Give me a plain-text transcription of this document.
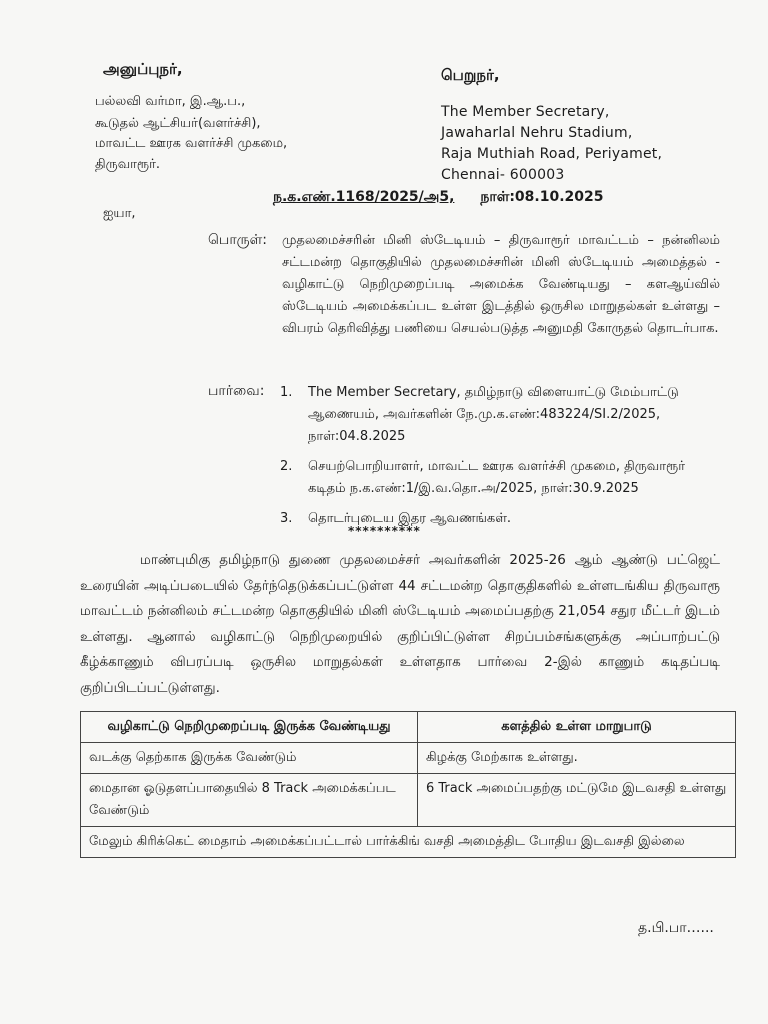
அனுப்புநர்,
பல்லவி வர்மா, இ.ஆ.ப.,
கூடுதல் ஆட்சியர்(வளர்ச்சி),
மாவட்ட ஊரக வளர்ச்சி முகமை,
திருவாரூர்.
பெறுநர்,
The Member Secretary,
Jawaharlal Nehru Stadium,
Raja Muthiah Road, Periyamet,
Chennai- 600003
ந.க.எண்.1168/2025/அ5, நாள்:08.10.2025
ஐயா,
பொருள்: முதலமைச்சரின் மினி ஸ்டேடியம் – திருவாரூர் மாவட்டம் – நன்னிலம் சட்டமன்ற தொகுதியில் முதலமைச்சரின் மினி ஸ்டேடியம் அமைத்தல் - வழிகாட்டு நெறிமுறைப்படி அமைக்க வேண்டியது – களஆய்வில் ஸ்டேடியம் அமைக்கப்பட உள்ள இடத்தில் ஒருசில மாறுதல்கள் உள்ளது – விபரம் தெரிவித்து பணியை செயல்படுத்த அனுமதி கோருதல் தொடர்பாக.
பார்வை: 1. The Member Secretary, தமிழ்நாடு விளையாட்டு மேம்பாட்டு ஆணையம், அவர்களின் நே.மு.க.எண்:483224/SI.2/2025, நாள்:04.8.2025
2. செயற்பொறியாளர், மாவட்ட ஊரக வளர்ச்சி முகமை, திருவாரூர் கடிதம் ந.க.எண்:1/இ.வ.தொ.அ/2025, நாள்:30.9.2025
3. தொடர்புடைய இதர ஆவணங்கள்.
**********
மாண்புமிகு தமிழ்நாடு துணை முதலமைச்சர் அவர்களின் 2025-26 ஆம் ஆண்டு பட்ஜெட் உரையின் அடிப்படையில் தேர்ந்தெடுக்கப்பட்டுள்ள 44 சட்டமன்ற தொகுதிகளில் உள்ளடங்கிய திருவாரூ மாவட்டம் நன்னிலம் சட்டமன்ற தொகுதியில் மினி ஸ்டேடியம் அமைப்பதற்கு 21,054 சதுர மீட்டர் இடம் உள்ளது. ஆனால் வழிகாட்டு நெறிமுறையில் குறிப்பிட்டுள்ள சிறப்பம்சங்களுக்கு அப்பாற்பட்டு கீழ்க்காணும் விபரப்படி ஒருசில மாறுதல்கள் உள்ளதாக பார்வை 2-இல் காணும் கடிதப்படி குறிப்பிடப்பட்டுள்ளது.
வழிகாட்டு நெறிமுறைப்படி இருக்க வேண்டியது	களத்தில் உள்ள மாறுபாடு
வடக்கு தெற்காக இருக்க வேண்டும்	கிழக்கு மேற்காக உள்ளது.
மைதான ஓடுதளப்பாதையில் 8 Track அமைக்கப்பட வேண்டும்	6 Track அமைப்பதற்கு மட்டுமே இடவசதி உள்ளது
மேலும் கிரிக்கெட் மைதாம் அமைக்கப்பட்டால் பார்க்கிங் வசதி அமைத்திட போதிய இடவசதி இல்லை	
த.பி.பா…...
